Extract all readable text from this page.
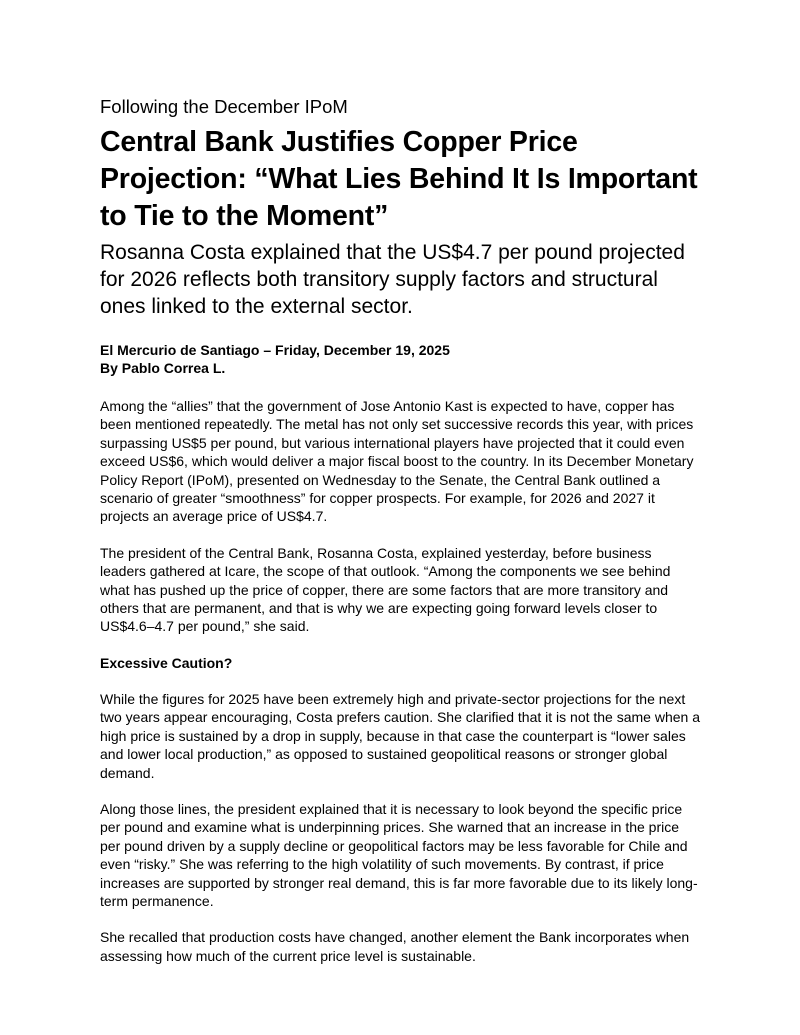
Following the December IPoM
Central Bank Justifies Copper Price Projection: “What Lies Behind It Is Important to Tie to the Moment”
Rosanna Costa explained that the US$4.7 per pound projected for 2026 reflects both transitory supply factors and structural ones linked to the external sector.
El Mercurio de Santiago – Friday, December 19, 2025
By Pablo Correa L.

Among the “allies” that the government of Jose Antonio Kast is expected to have, copper has been mentioned repeatedly. The metal has not only set successive records this year, with prices surpassing US$5 per pound, but various international players have projected that it could even exceed US$6, which would deliver a major fiscal boost to the country. In its December Monetary Policy Report (IPoM), presented on Wednesday to the Senate, the Central Bank outlined a scenario of greater “smoothness” for copper prospects. For example, for 2026 and 2027 it projects an average price of US$4.7.

The president of the Central Bank, Rosanna Costa, explained yesterday, before business leaders gathered at Icare, the scope of that outlook. “Among the components we see behind what has pushed up the price of copper, there are some factors that are more transitory and others that are permanent, and that is why we are expecting going forward levels closer to US$4.6–4.7 per pound,” she said.

Excessive Caution?

While the figures for 2025 have been extremely high and private-sector projections for the next two years appear encouraging, Costa prefers caution. She clarified that it is not the same when a high price is sustained by a drop in supply, because in that case the counterpart is “lower sales and lower local production,” as opposed to sustained geopolitical reasons or stronger global demand.

Along those lines, the president explained that it is necessary to look beyond the specific price per pound and examine what is underpinning prices. She warned that an increase in the price per pound driven by a supply decline or geopolitical factors may be less favorable for Chile and even “risky.” She was referring to the high volatility of such movements. By contrast, if price increases are supported by stronger real demand, this is far more favorable due to its likely long-term permanence.

She recalled that production costs have changed, another element the Bank incorporates when assessing how much of the current price level is sustainable.
